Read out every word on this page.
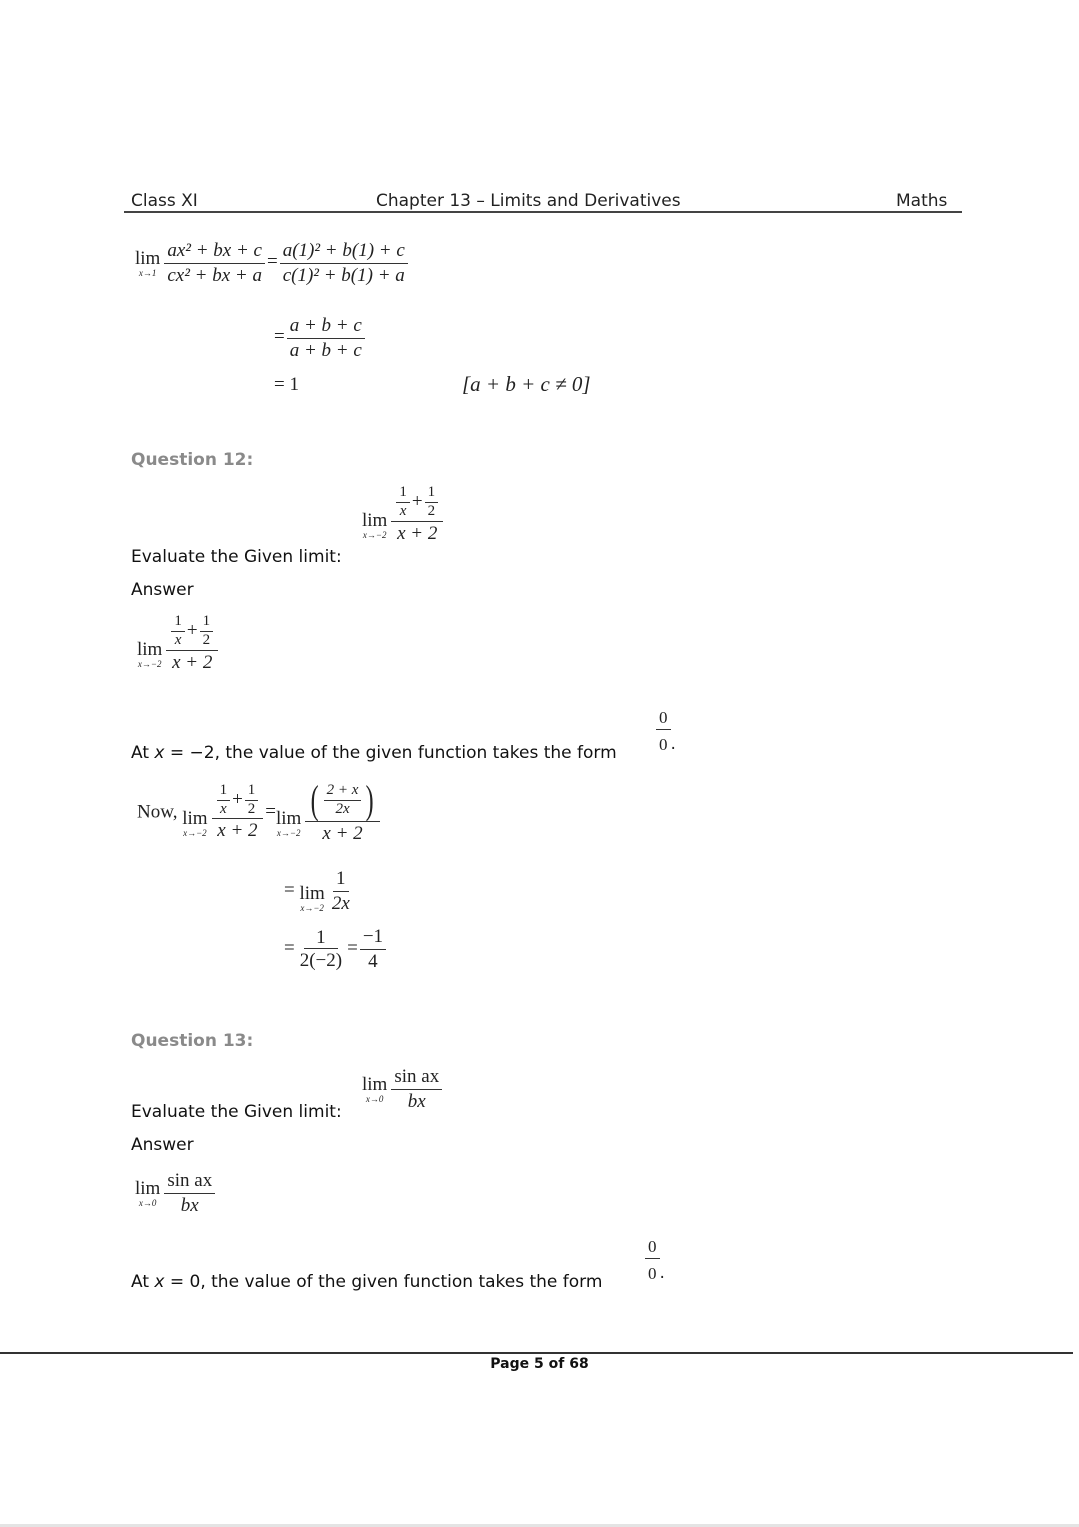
Class XI	Chapter 13 – Limits and Derivatives	Maths
lim
$x\to 1 \frac{\text{ax² + bx + c}}{\text{cx² + bx + a}} = \frac{\text{a(1)² + b(1) + c}}{\text{c(1)² + b(1) + a}}$
= $\frac{a + b + c}{a + b + c}$
= 1	[a + b + c ≠ 0]
Question 12:
Evaluate the Given limit:
lim
$x\to-2 \frac{\frac{1}{x} + \frac{1}{2}}{x + 2}$
Answer
lim
$x\to-2 \frac{\frac{1}{x} + \frac{1}{2}}{x + 2}$
At x = −2, the value of the given function takes the form $\frac{0}{0}$ .
Now, lim
$x\to-2 \frac{\frac{1}{x} + \frac{1}{2}}{x + 2} = \lim$
$x\to-2 \frac{( \frac{2 + x}{2x} )}{x + 2}$
= lim
$x\to-2 \frac{1}{2x}$
= $\frac{1}{2(-2)} = \frac{-1}{4}$
Question 13:
Evaluate the Given limit:
lim
$x\to 0 \frac{\text{sin ax}}{bx}$
Answer
lim
$x\to 0 \frac{\text{sin ax}}{bx}$
At x = 0, the value of the given function takes the form	$\frac{0}{0}$ .
Page 5 of 68
